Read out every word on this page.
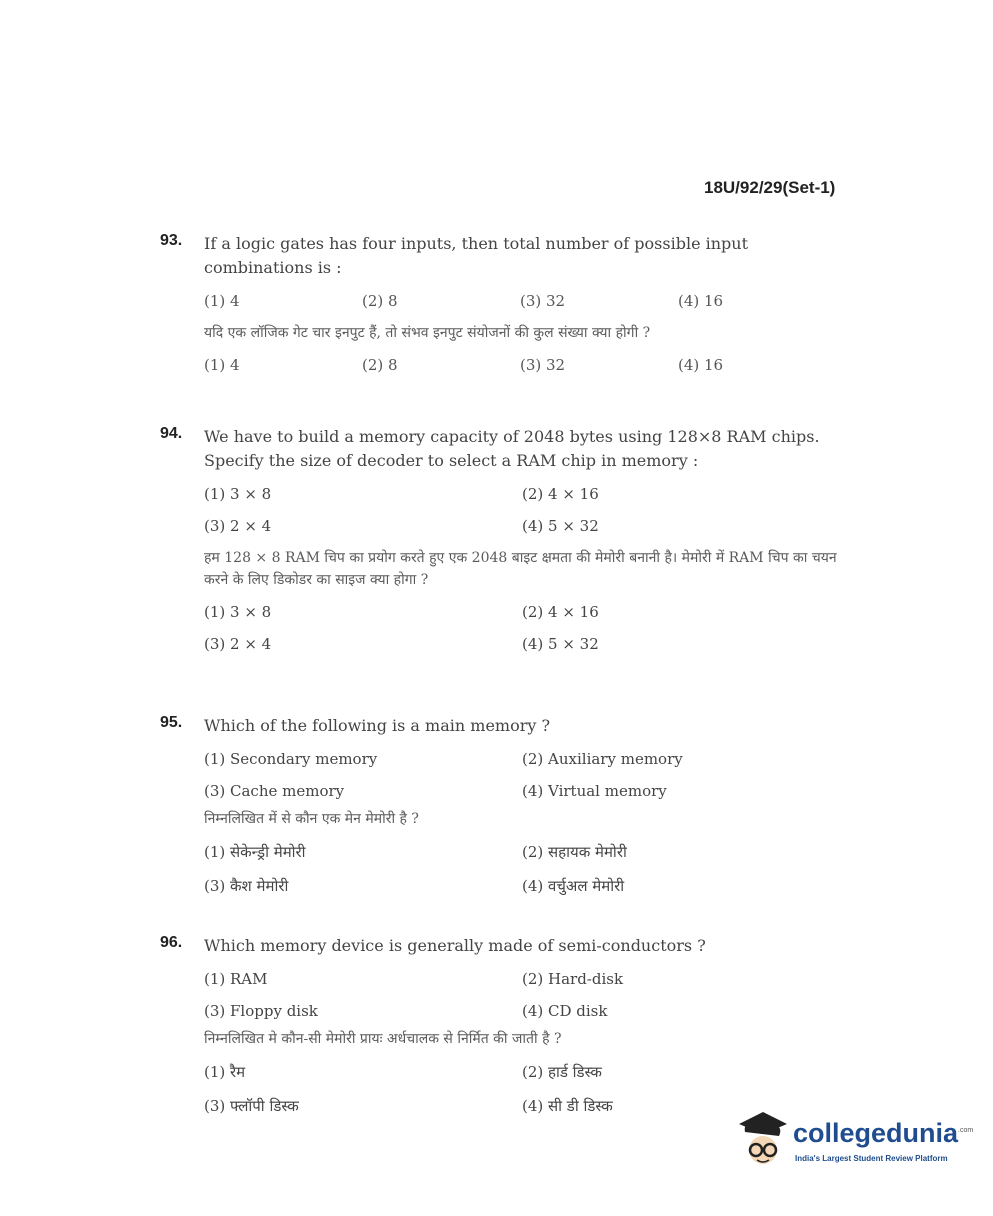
18U/92/29(Set-1)
93. If a logic gates has four inputs, then total number of possible input combinations is :
(1) 4	(2) 8	(3) 32	(4) 16
यदि एक लॉजिक गेट चार इनपुट हैं, तो संभव इनपुट संयोजनों की कुल संख्या क्या होगी ?
(1) 4	(2) 8	(3) 32	(4) 16
94. We have to build a memory capacity of 2048 bytes using 128×8 RAM chips. Specify the size of decoder to select a RAM chip in memory :
(1) 3 × 8	(2) 4 × 16
(3) 2 × 4	(4) 5 × 32
हम 128 × 8 RAM चिप का प्रयोग करते हुए एक 2048 बाइट क्षमता की मेमोरी बनानी है। मेमोरी में RAM चिप का चयन करने के लिए डिकोडर का साइज क्या होगा ?
(1) 3 × 8	(2) 4 × 16
(3) 2 × 4	(4) 5 × 32
95. Which of the following is a main memory ?
(1) Secondary memory	(2) Auxiliary memory
(3) Cache memory	(4) Virtual memory
निम्नलिखित में से कौन एक मेन मेमोरी है ?
(1) सेकेन्ड्री मेमोरी	(2) सहायक मेमोरी
(3) कैश मेमोरी	(4) वर्चुअल मेमोरी
96. Which memory device is generally made of semi-conductors ?
(1) RAM	(2) Hard-disk
(3) Floppy disk	(4) CD disk
निम्नलिखित मे कौन-सी मेमोरी प्रायः अर्धचालक से निर्मित की जाती है ?
(1) रैम	(2) हार्ड डिस्क
(3) फ्लॉपी डिस्क	(4) सी डी डिस्क
collegedunia$^{.com}$
India's Largest Student Review Platform
